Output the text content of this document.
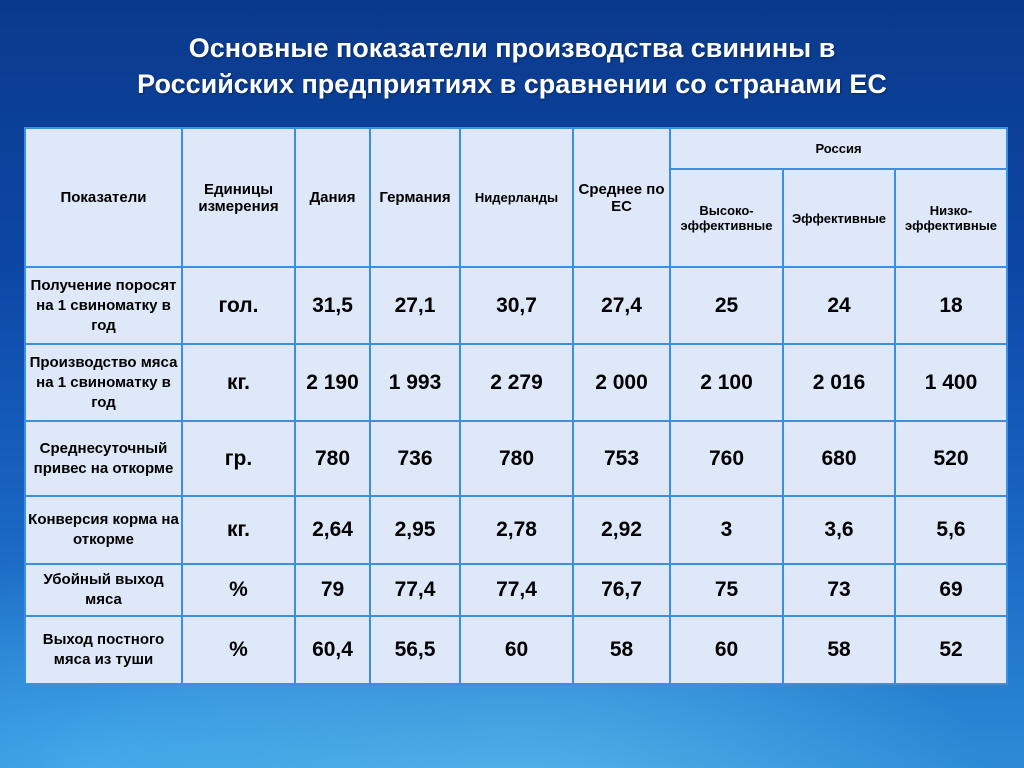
Основные показатели производства свинины в
Российских предприятиях в сравнении со странами ЕС
Показатели	Единицы измерения	Дания	Германия	Нидерланды	Среднее по ЕС	Россия		
						Высоко-эффективные	Эффективные	Низко-эффективные
Получение поросят на 1 свиноматку в год	гол.	31,5	27,1	30,7	27,4	25	24	18
Производство мяса на 1 свиноматку в год	кг.	2 190	1 993	2 279	2 000	2 100	2 016	1 400
Среднесуточный привес на откорме	гр.	780	736	780	753	760	680	520
Конверсия корма на откорме	кг.	2,64	2,95	2,78	2,92	3	3,6	5,6
Убойный выход мяса	%	79	77,4	77,4	76,7	75	73	69
Выход постного мяса из туши	%	60,4	56,5	60	58	60	58	52
